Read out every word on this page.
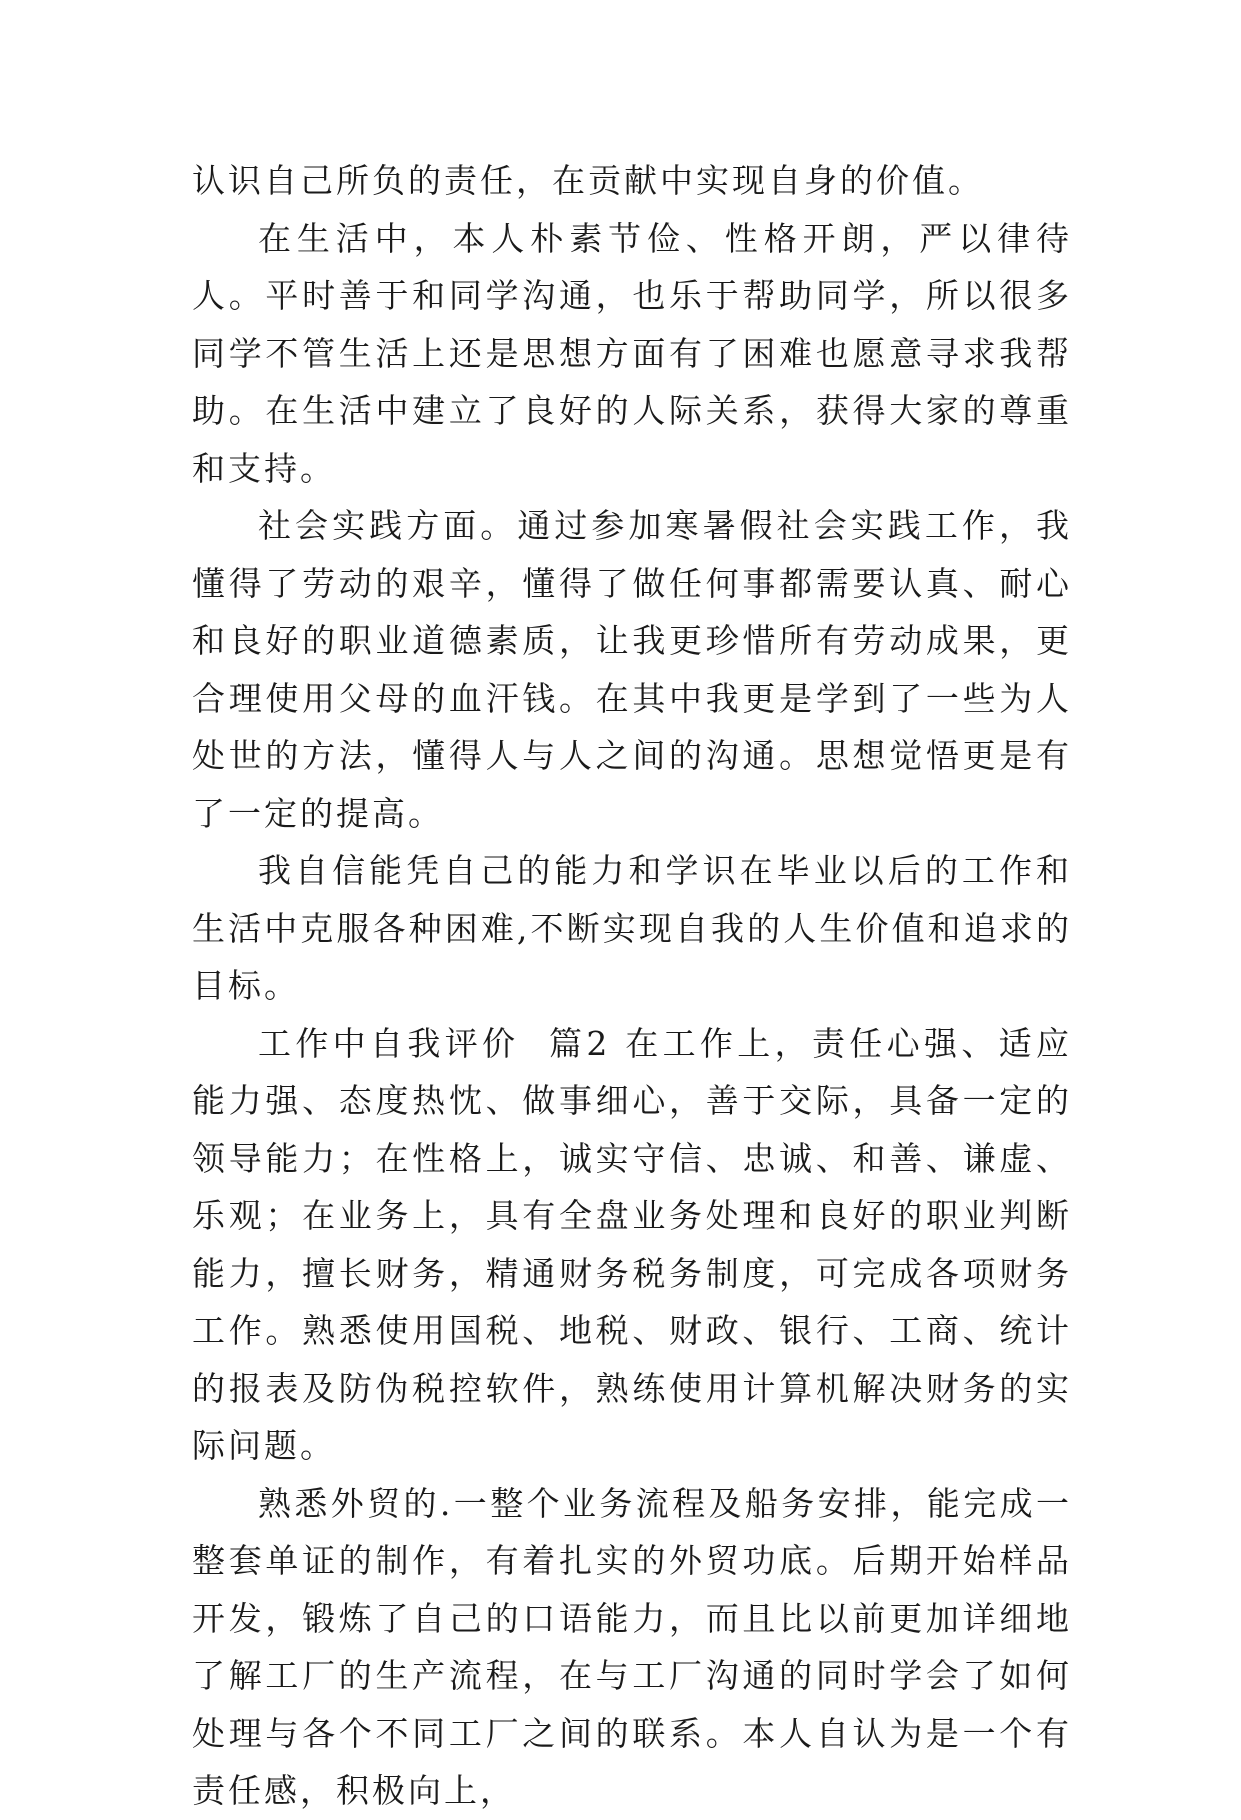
认识自己所负的责任，在贡献中实现自身的价值。

在生活中，本人朴素节俭、性格开朗，严以律待人。平时善于和同学沟通，也乐于帮助同学，所以很多同学不管生活上还是思想方面有了困难也愿意寻求我帮助。在生活中建立了良好的人际关系，获得大家的尊重和支持。

社会实践方面。通过参加寒暑假社会实践工作，我懂得了劳动的艰辛，懂得了做任何事都需要认真、耐心和良好的职业道德素质，让我更珍惜所有劳动成果，更合理使用父母的血汗钱。在其中我更是学到了一些为人处世的方法，懂得人与人之间的沟通。思想觉悟更是有了一定的提高。

我自信能凭自己的能力和学识在毕业以后的工作和生活中克服各种困难,不断实现自我的人生价值和追求的目标。

工作中自我评价  篇2 在工作上，责任心强、适应能力强、态度热忱、做事细心，善于交际，具备一定的领导能力；在性格上，诚实守信、忠诚、和善、谦虚、乐观；在业务上，具有全盘业务处理和良好的职业判断能力，擅长财务，精通财务税务制度，可完成各项财务工作。熟悉使用国税、地税、财政、银行、工商、统计的报表及防伪税控软件，熟练使用计算机解决财务的实际问题。

熟悉外贸的.一整个业务流程及船务安排，能完成一整套单证的制作，有着扎实的外贸功底。后期开始样品开发，锻炼了自己的口语能力，而且比以前更加详细地了解工厂的生产流程，在与工厂沟通的同时学会了如何处理与各个不同工厂之间的联系。本人自认为是一个有责任感，积极向上，
